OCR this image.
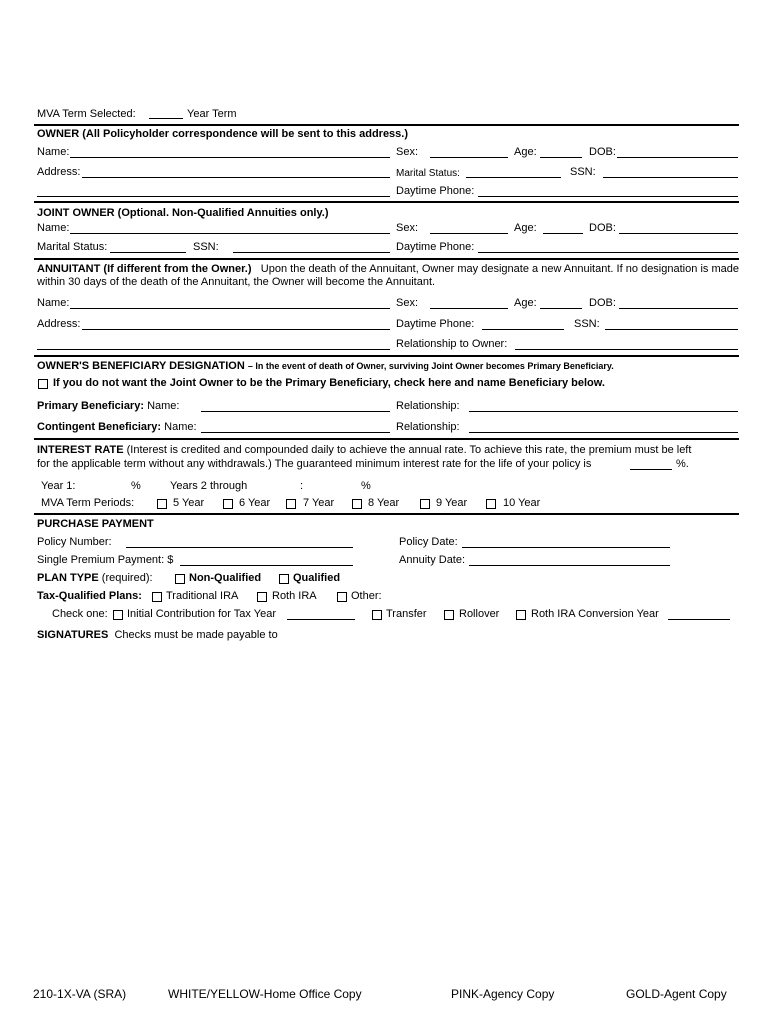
MVA Term Selected:	Year Term
OWNER (All Policyholder correspondence will be sent to this address.)
Name:	Sex:	Age:	DOB:
Address:	Marital Status:	SSN:
Daytime Phone:
JOINT OWNER (Optional. Non-Qualified Annuities only.)
Name:	Sex:	Age:	DOB:
Marital Status:	SSN:	Daytime Phone:
ANNUITANT (If different from the Owner.) Upon the death of the Annuitant, Owner may designate a new Annuitant. If no designation is made within 30 days of the death of the Annuitant, the Owner will become the Annuitant.
Name:	Sex:	Age:	DOB:
Address:	Daytime Phone:	SSN:
Relationship to Owner:
OWNER'S BENEFICIARY DESIGNATION – In the event of death of Owner, surviving Joint Owner becomes Primary Beneficiary.
If you do not want the Joint Owner to be the Primary Beneficiary, check here and name Beneficiary below.
Primary Beneficiary: Name:	Relationship:
Contingent Beneficiary: Name:	Relationship:
INTEREST RATE (Interest is credited and compounded daily to achieve the annual rate. To achieve this rate, the premium must be left
for the applicable term without any withdrawals.) The guaranteed minimum interest rate for the life of your policy is	%.
Year 1:	%	Years 2 through	:	%
MVA Term Periods:	5 Year	6 Year	7 Year	8 Year	9 Year	10 Year
PURCHASE PAYMENT
Policy Number:	Policy Date:
Single Premium Payment: $	Annuity Date:
PLAN TYPE (required):	Non-Qualified	Qualified
Tax-Qualified Plans: Traditional IRA	Roth IRA	Other:
Check one: Initial Contribution for Tax Year	Transfer	Rollover	Roth IRA Conversion Year
SIGNATURES Checks must be made payable to
210-1X-VA (SRA)	WHITE/YELLOW-Home Office Copy	PINK-Agency Copy	GOLD-Agent Copy
